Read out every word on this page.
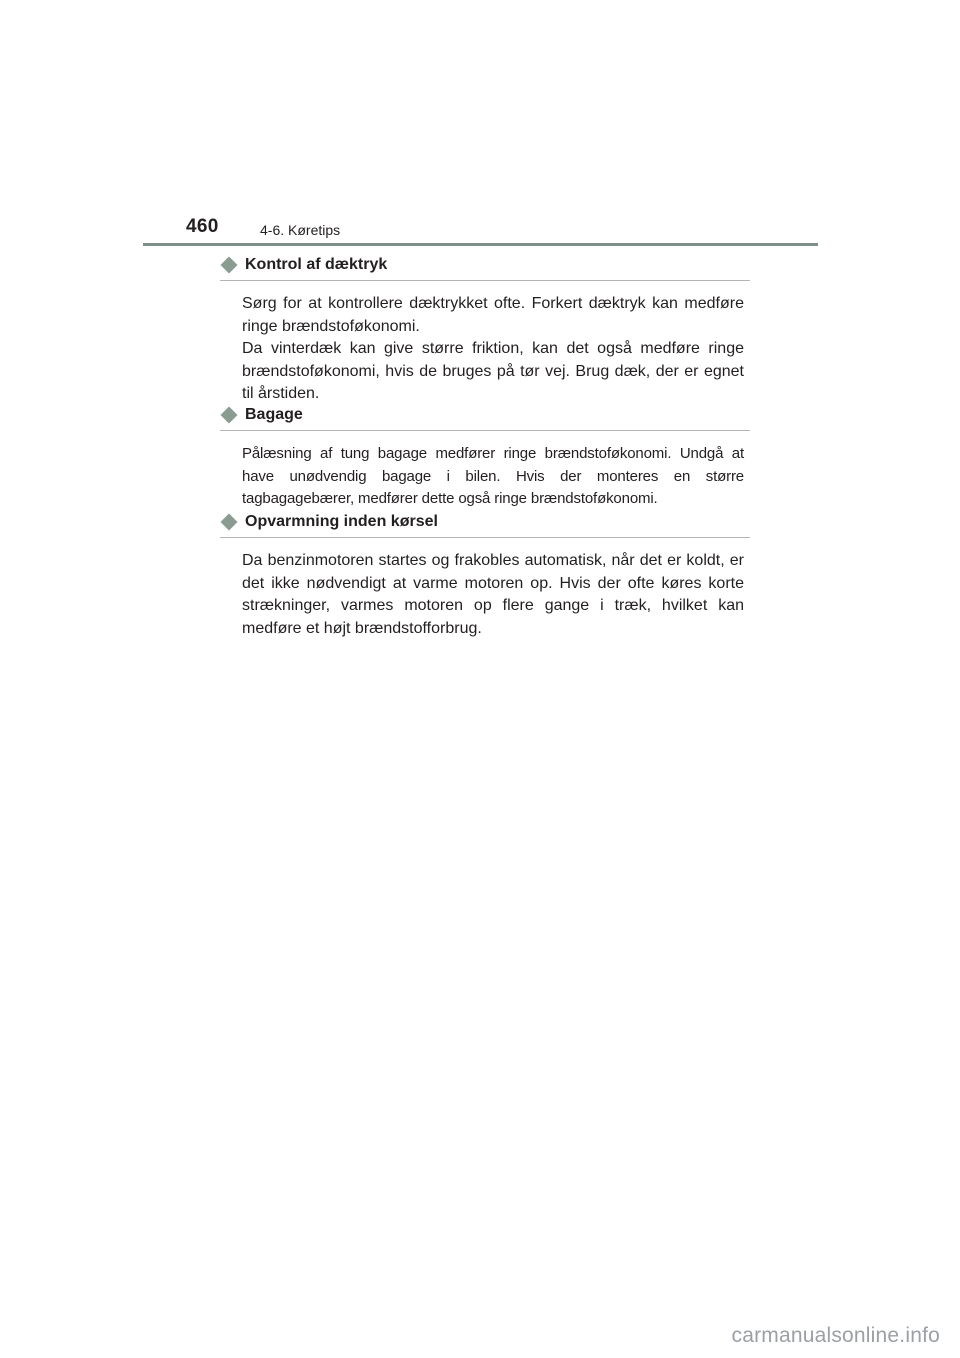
460	4-6. Køretips
Kontrol af dæktryk

Sørg for at kontrollere dæktrykket ofte. Forkert dæktryk kan medføre ringe brændstoføkonomi.

Da vinterdæk kan give større friktion, kan det også medføre ringe brændstoføkonomi, hvis de bruges på tør vej. Brug dæk, der er egnet til årstiden.

Bagage

Pålæsning af tung bagage medfører ringe brændstoføkonomi. Undgå at have unødvendig bagage i bilen. Hvis der monteres en større tagbagagebærer, medfører dette også ringe brændstoføkonomi.

Opvarmning inden kørsel

Da benzinmotoren startes og frakobles automatisk, når det er koldt, er det ikke nødvendigt at varme motoren op. Hvis der ofte køres korte strækninger, varmes motoren op flere gange i træk, hvilket kan medføre et højt brændstofforbrug.

carmanualsonline.info
